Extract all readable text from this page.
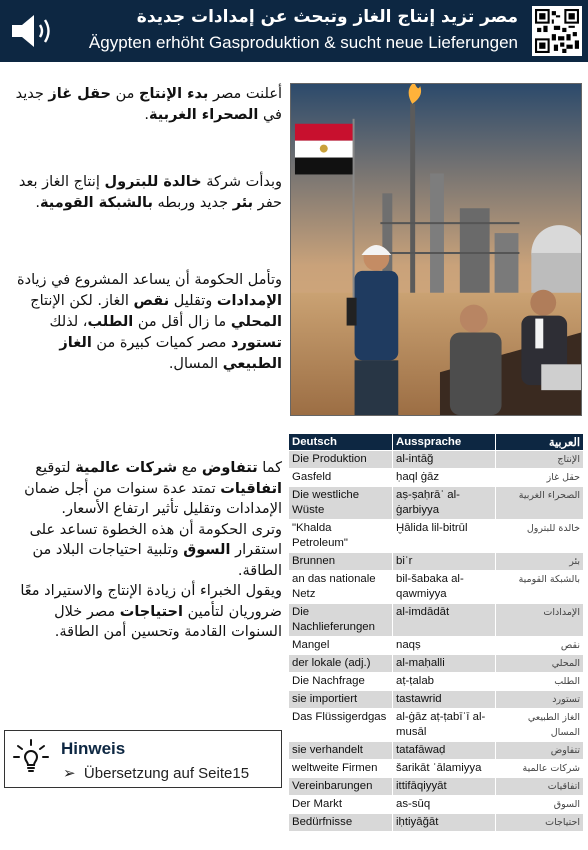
مصر تزيد إنتاج الغاز وتبحث عن إمدادات جديدة
Ägypten erhöht Gasproduktion & sucht neue Lieferungen

أعلنت مصر بدء الإنتاج من حقل غاز جديد في الصحراء الغربية.

وبدأت شركة خالدة للبترول إنتاج الغاز بعد حفر بئر جديد وربطه بالشبكة القومية.

وتأمل الحكومة أن يساعد المشروع في زيادة الإمدادات وتقليل نقص الغاز. لكن الإنتاج المحلي ما زال أقل من الطلب، لذلك تستورد مصر كميات كبيرة من الغاز الطبيعي المسال.

كما تتفاوض مع شركات عالمية لتوقيع اتفاقيات تمتد عدة سنوات من أجل ضمان الإمدادات وتقليل تأثير ارتفاع الأسعار.

وترى الحكومة أن هذه الخطوة تساعد على استقرار السوق وتلبية احتياجات البلاد من الطاقة.

ويقول الخبراء أن زيادة الإنتاج والاستيراد معًا ضروريان لتأمين احتياجات مصر خلال السنوات القادمة وتحسين أمن الطاقة.

Deutsch	Aussprache	العربية
Die Produktion	al-intāğ	الإنتاج
Gasfeld	ḥaql ġāz	حقل غاز
Die westliche Wüste	aṣ-ṣaḥrāʾ al-ġarbiyya	الصحراء الغربية
"Khalda Petroleum"	Ḫālida lil-bitrūl	خالدة للبترول
Brunnen	biʾr	بئر
an das nationale Netz	bil-šabaka al-qawmiyya	بالشبكة القومية
Die Nachlieferungen	al-imdādāt	الإمدادات
Mangel	naqṣ	نقص
der lokale (adj.)	al-maḥalli	المحلي
Die Nachfrage	aṭ-ṭalab	الطلب
sie importiert	tastawrid	تستورد
Das Flüssigerdgas	al-ġāz aṭ-ṭabīʿī al-musāl	الغاز الطبيعي المسال
sie verhandelt	tatafāwaḍ	تتفاوض
weltweite Firmen	šarikāt ʿālamiyya	شركات عالمية
Vereinbarungen	ittifāqiyyāt	اتفاقيات
Der Markt	as-sūq	السوق
Bedürfnisse	iḥtiyāğāt	احتياجات
Hinweis
➢ Übersetzung auf Seite15
